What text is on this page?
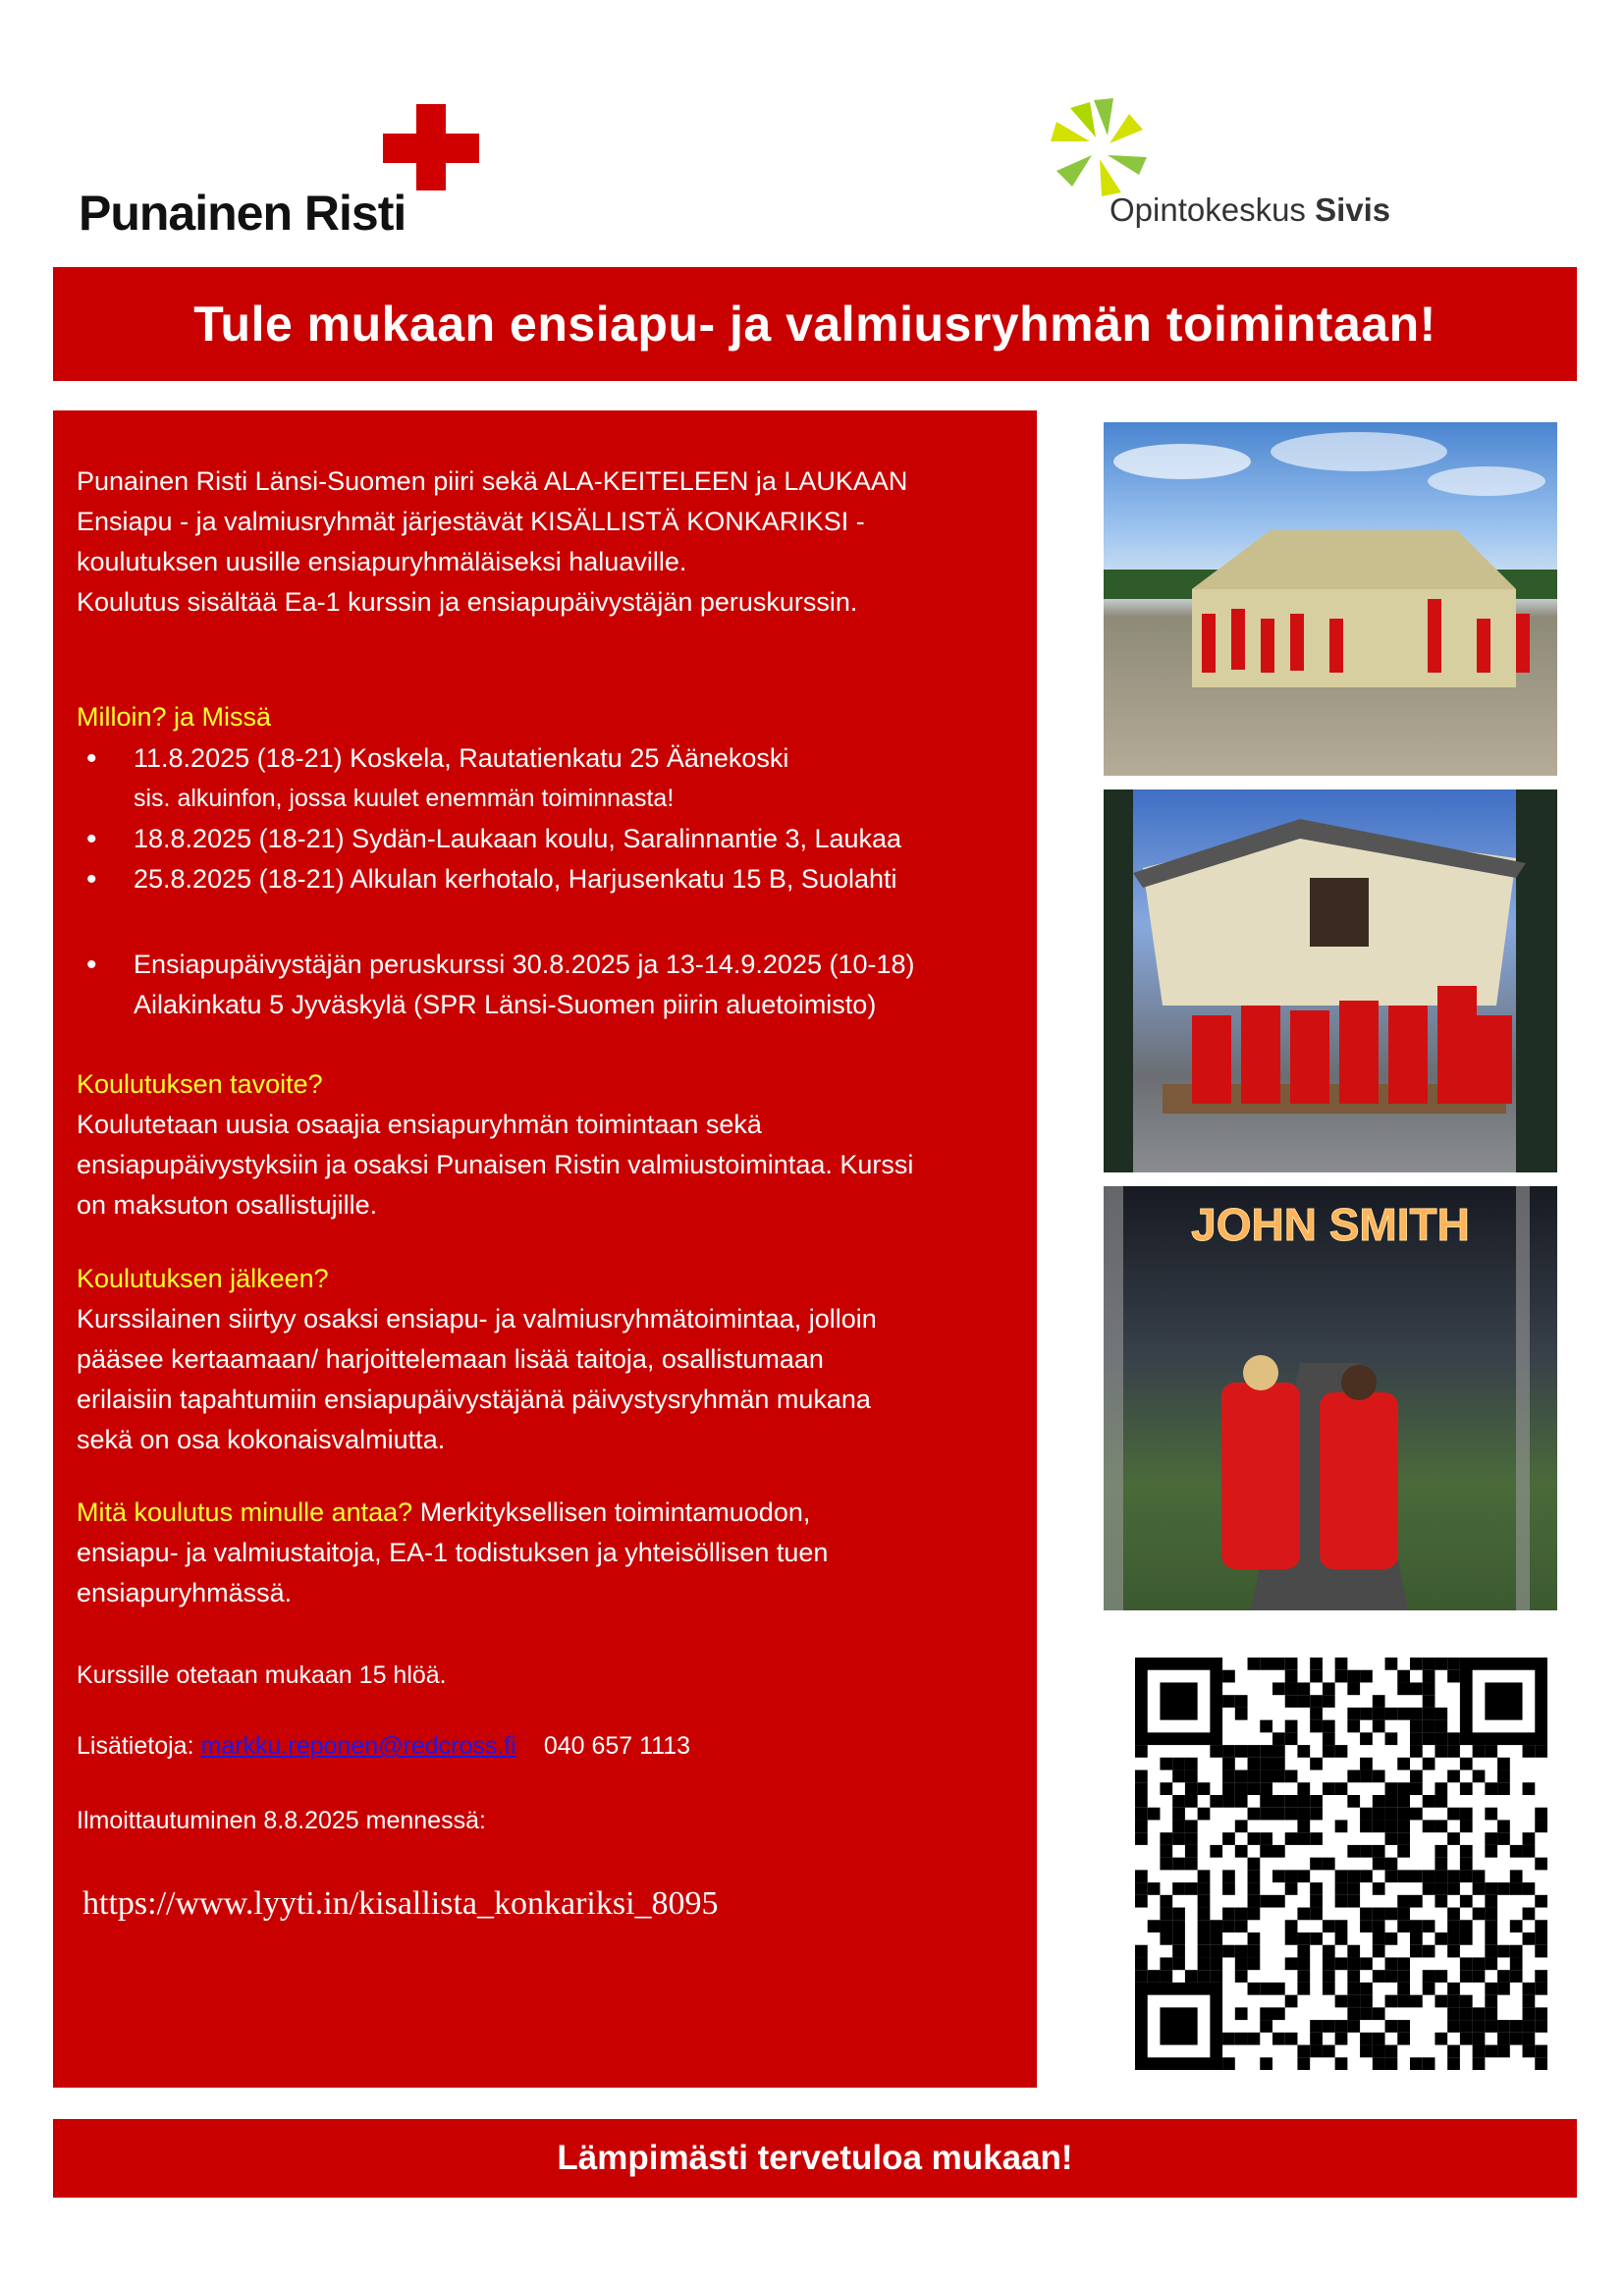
Punainen Risti	Opintokeskus Sivis
Tule mukaan ensiapu- ja valmiusryhmän toimintaan!
Punainen Risti Länsi-Suomen piiri sekä ALA-KEITELEEN ja LAUKAAN
Ensiapu - ja valmiusryhmät järjestävät KISÄLLISTÄ KONKARIKSI -
koulutuksen uusille ensiapuryhmäläiseksi haluaville.
Koulutus sisältää Ea-1 kurssin ja ensiapupäivystäjän peruskurssin.
Milloin? ja Missä
• 11.8.2025 (18-21) Koskela, Rautatienkatu 25 Äänekoski
sis. alkuinfon, jossa kuulet enemmän toiminnasta!
• 18.8.2025 (18-21) Sydän-Laukaan koulu, Saralinnantie 3, Laukaa
• 25.8.2025 (18-21) Alkulan kerhotalo, Harjusenkatu 15 B, Suolahti
• Ensiapupäivystäjän peruskurssi 30.8.2025 ja 13-14.9.2025 (10-18)
Ailakinkatu 5 Jyväskylä (SPR Länsi-Suomen piirin aluetoimisto)
Koulutuksen tavoite?
Koulutetaan uusia osaajia ensiapuryhmän toimintaan sekä
ensiapupäivystyksiin ja osaksi Punaisen Ristin valmiustoimintaa. Kurssi
on maksuton osallistujille.
Koulutuksen jälkeen?
Kurssilainen siirtyy osaksi ensiapu- ja valmiusryhmätoimintaa, jolloin
pääsee kertaamaan/ harjoittelemaan lisää taitoja, osallistumaan
erilaisiin tapahtumiin ensiapupäivystäjänä päivystysryhmän mukana
sekä on osa kokonaisvalmiutta.
Mitä koulutus minulle antaa? Merkityksellisen toimintamuodon,
ensiapu- ja valmiustaitoja, EA-1 todistuksen ja yhteisöllisen tuen
ensiapuryhmässä.
Kurssille otetaan mukaan 15 hlöä.
Lisätietoja: markku.reponen@redcross.fi 040 657 1113
Ilmoittautuminen 8.8.2025 mennessä:
https://www.lyyti.in/kisallista_konkariksi_8095
JOHN SMITH
Lämpimästi tervetuloa mukaan!
